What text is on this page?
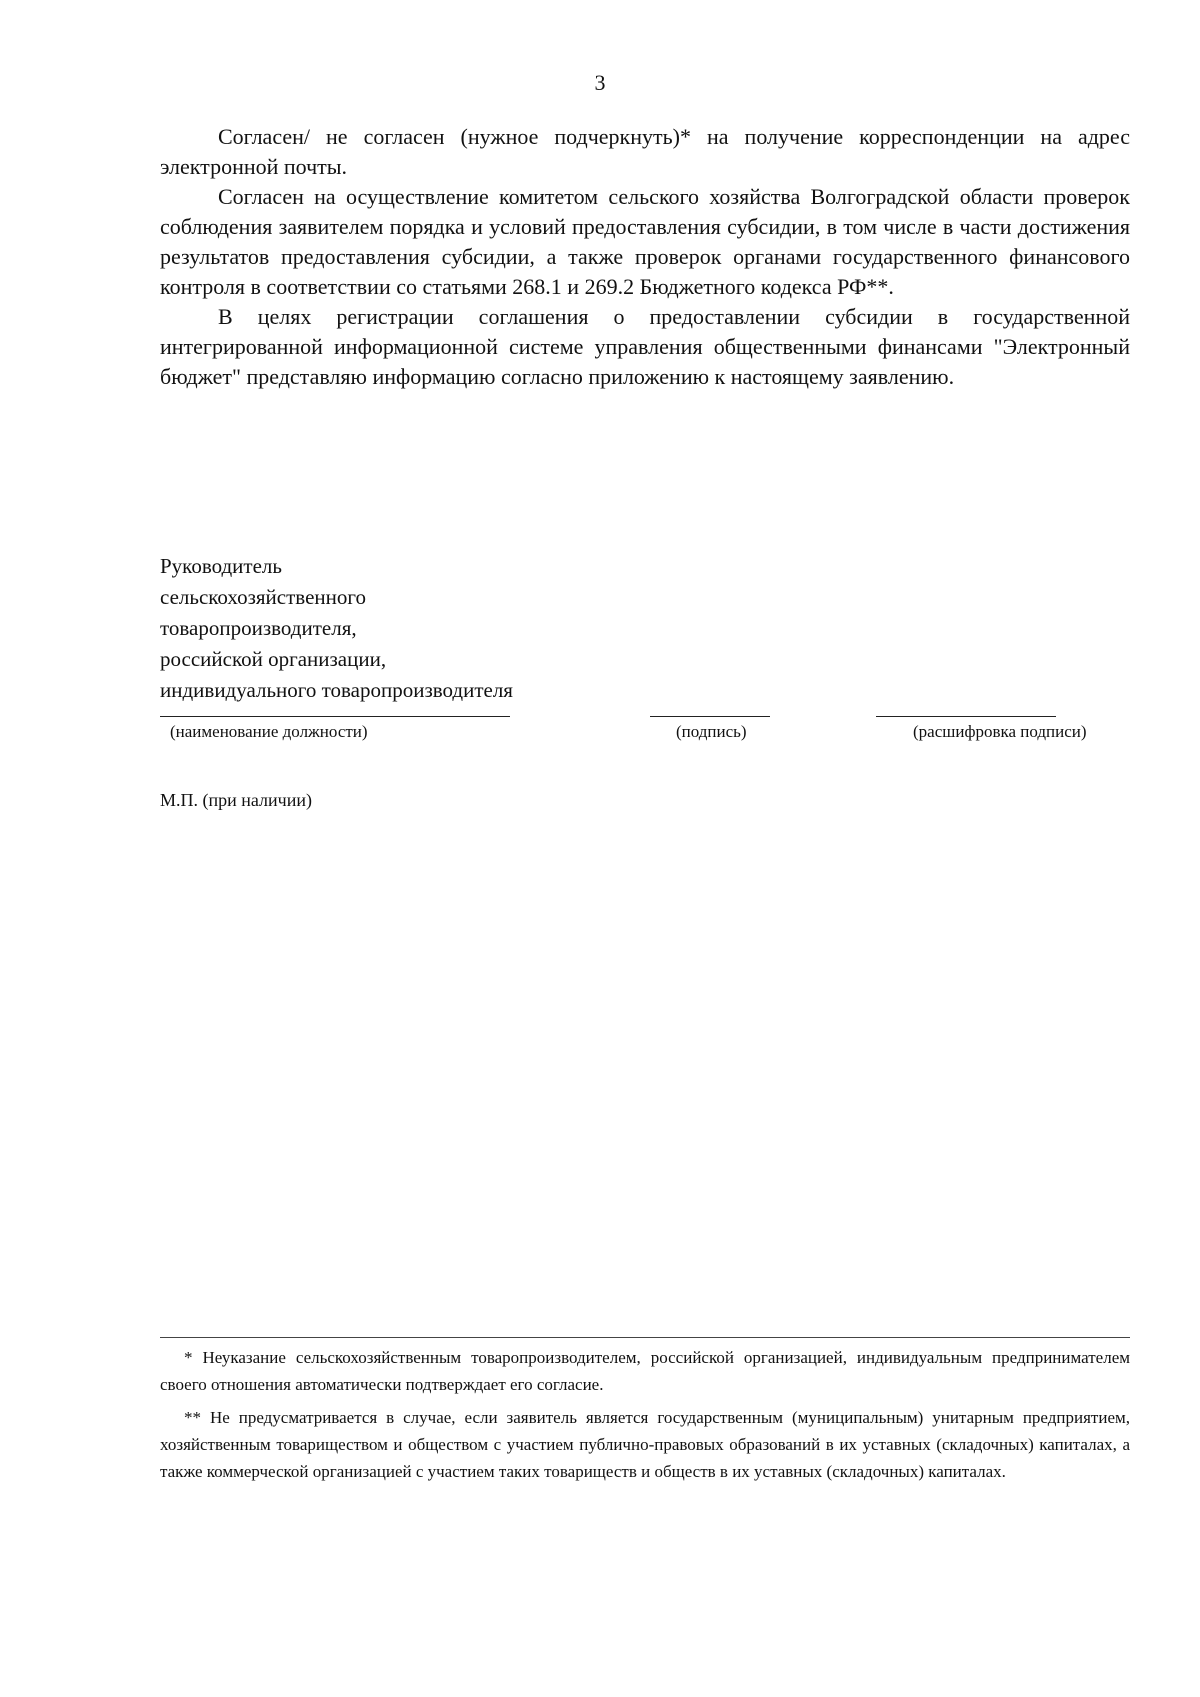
3

Согласен/ не согласен (нужное подчеркнуть)* на получение корреспонденции на адрес электронной почты.

Согласен на осуществление комитетом сельского хозяйства Волгоградской области проверок соблюдения заявителем порядка и условий предоставления субсидии, в том числе в части достижения результатов предоставления субсидии, а также проверок органами государственного финансового контроля в соответствии со статьями 268.1 и 269.2 Бюджетного кодекса РФ**.

В целях регистрации соглашения о предоставлении субсидии в государственной интегрированной информационной системе управления общественными финансами "Электронный бюджет" представляю информацию согласно приложению к настоящему заявлению.

Руководитель
сельскохозяйственного
товаропроизводителя,
российской организации,
индивидуального товаропроизводителя
(наименование должности)	(подпись)	(расшифровка подписи)
М.П. (при наличии)

* Неуказание сельскохозяйственным товаропроизводителем, российской организацией, индивидуальным предпринимателем своего отношения автоматически подтверждает его согласие.

** Не предусматривается в случае, если заявитель является государственным (муниципальным) унитарным предприятием, хозяйственным товариществом и обществом с участием публично-правовых образований в их уставных (складочных) капиталах, а также коммерческой организацией с участием таких товариществ и обществ в их уставных (складочных) капиталах.
